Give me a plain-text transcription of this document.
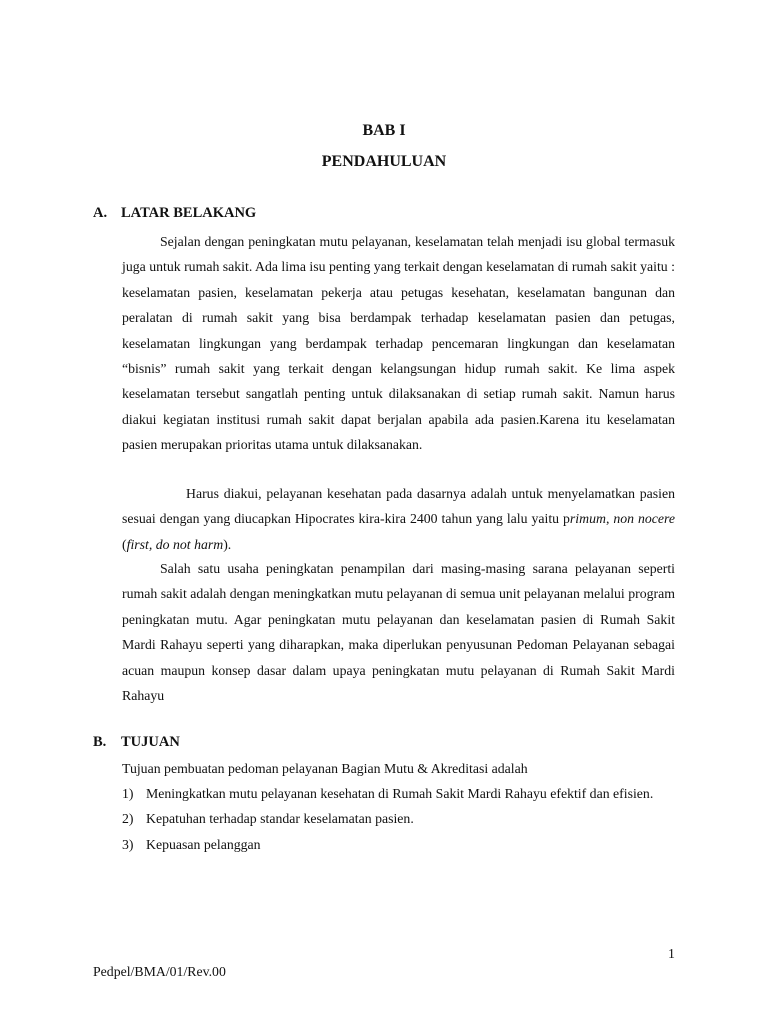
BAB I
PENDAHULUAN
A. LATAR BELAKANG

Sejalan dengan peningkatan mutu pelayanan, keselamatan telah menjadi isu global termasuk juga untuk rumah sakit. Ada lima isu penting yang terkait dengan keselamatan di rumah sakit yaitu : keselamatan pasien, keselamatan pekerja atau petugas kesehatan, keselamatan bangunan dan peralatan di rumah sakit yang bisa berdampak terhadap keselamatan pasien dan petugas, keselamatan lingkungan yang berdampak terhadap pencemaran lingkungan dan keselamatan “bisnis” rumah sakit yang terkait dengan kelangsungan hidup rumah sakit. Ke lima aspek keselamatan tersebut sangatlah penting untuk dilaksanakan di setiap rumah sakit. Namun harus diakui kegiatan institusi rumah sakit dapat berjalan apabila ada pasien.Karena itu keselamatan pasien merupakan prioritas utama untuk dilaksanakan.

Harus diakui, pelayanan kesehatan pada dasarnya adalah untuk menyelamatkan pasien sesuai dengan yang diucapkan Hipocrates kira-kira 2400 tahun yang lalu yaitu primum, non nocere (first, do not harm).

Salah satu usaha peningkatan penampilan dari masing-masing sarana pelayanan seperti rumah sakit adalah dengan meningkatkan mutu pelayanan di semua unit pelayanan melalui program peningkatan mutu. Agar peningkatan mutu pelayanan dan keselamatan pasien di Rumah Sakit Mardi Rahayu seperti yang diharapkan, maka diperlukan penyusunan Pedoman Pelayanan sebagai acuan maupun konsep dasar dalam upaya peningkatan mutu pelayanan di Rumah Sakit Mardi Rahayu

B. TUJUAN

Tujuan pembuatan pedoman pelayanan Bagian Mutu & Akreditasi adalah

1) Meningkatkan mutu pelayanan kesehatan di Rumah Sakit Mardi Rahayu efektif dan efisien.
2) Kepatuhan terhadap standar keselamatan pasien.
3) Kepuasan pelanggan
1
Pedpel/BMA/01/Rev.00
